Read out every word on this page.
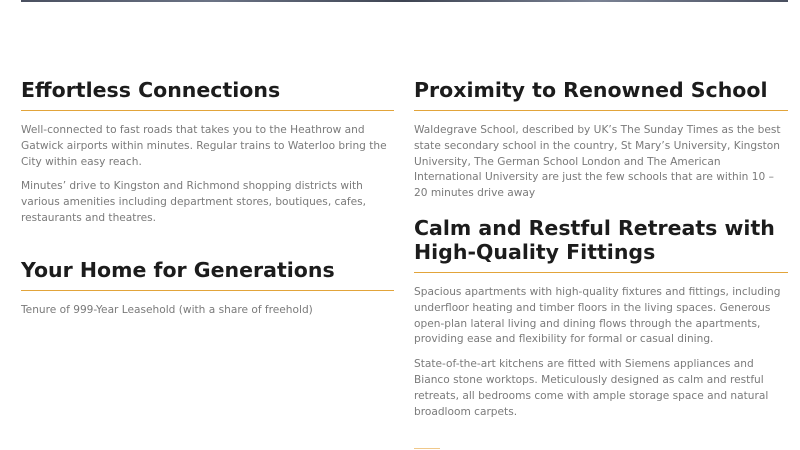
Effortless Connections

Well-connected to fast roads that takes you to the Heathrow and Gatwick airports within minutes. Regular trains to Waterloo bring the City within easy reach.

Minutes’ drive to Kingston and Richmond shopping districts with various amenities including department stores, boutiques, cafes, restaurants and theatres.

Your Home for Generations

Tenure of 999-Year Leasehold (with a share of freehold)

Proximity to Renowned School

Waldegrave School, described by UK’s The Sunday Times as the best state secondary school in the country, St Mary’s University, Kingston University, The German School London and The American International University are just the few schools that are within 10 – 20 minutes drive away

Calm and Restful Retreats with High-Quality Fittings

Spacious apartments with high-quality fixtures and fittings, including underfloor heating and timber floors in the living spaces. Generous open-plan lateral living and dining flows through the apartments, providing ease and flexibility for formal or casual dining.

State-of-the-art kitchens are fitted with Siemens appliances and Bianco stone worktops. Meticulously designed as calm and restful retreats, all bedrooms come with ample storage space and natural broadloom carpets.
